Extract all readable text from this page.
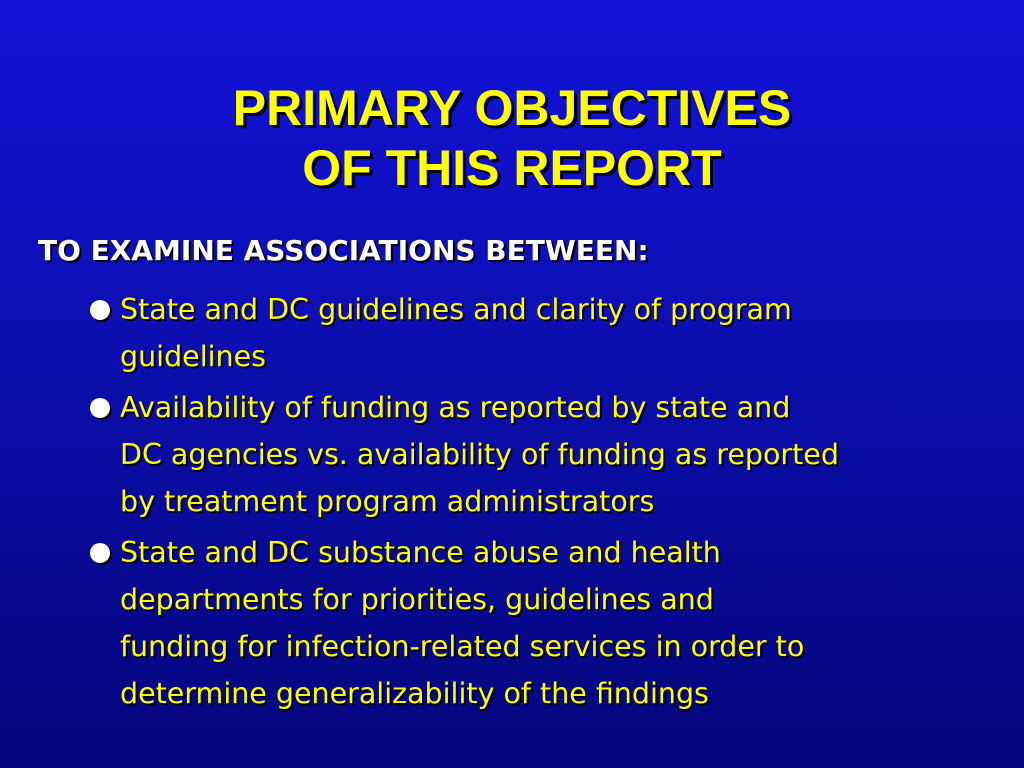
PRIMARY OBJECTIVES
OF THIS REPORT
TO EXAMINE ASSOCIATIONS BETWEEN:
State and DC guidelines and clarity of program
guidelines
Availability of funding as reported by state and
DC agencies vs. availability of funding as reported
by treatment program administrators
State and DC substance abuse and health
departments for priorities, guidelines and
funding for infection-related services in order to
determine generalizability of the findings
